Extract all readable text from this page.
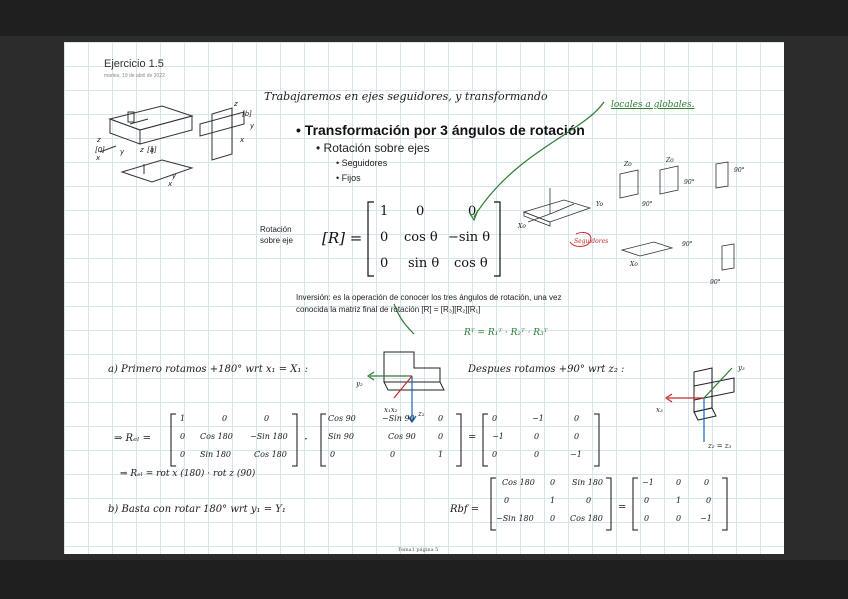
Ejercicio 1.5
martes, 19 de abril de 2022
Trabajaremos en ejes seguidores, y transformando
locales a globales.
[0]
z
x
y	[a]
z
[b]
z
y
x
y
x
• Transformación por 3 ángulos de rotación
• Rotación sobre ejes
• Seguidores
• Fijos
Rotación
sobre eje [R] =
1 0	0
0 cos θ −sin θ
0 sin θ cos θ
Zo
Zo
90°
90°
90°
Xo
Yo
90°
90°
Xo
Seguidores
Inversión: es la operación de conocer los tres ángulos de rotación, una vez
conocida la matriz final de rotación [R] = [R₃][R₂][R₁]
Rᵀ = R₁ᵀ · R₂ᵀ · R₃ᵀ
a) Primero rotamos +180° wrt x₁ = X₁ :	Despues rotamos +90° wrt z₂ :
y₂
x₁x₂	z₂
y₃
x₃
z₂ = z₃
⇒ Rₑₗ =
1	0	0
0 Cos 180 −Sin 180
0 Sin 180	Cos 180
·
Cos 90	−Sin 90	0
Sin 90	Cos 90	0
0	0	1
=
0	−1	0
−1	0	0
0	0	−1
⇒ Rₑₗ = rot x (180) · rot z (90)
b) Basta con rotar 180° wrt y₁ = Y₁	Rbf =
Cos 180 0 Sin 180
0	1	0
−Sin 180 0 Cos 180
=
−1	0	0
0	1	0
0	0 −1
Tema1 página 5
